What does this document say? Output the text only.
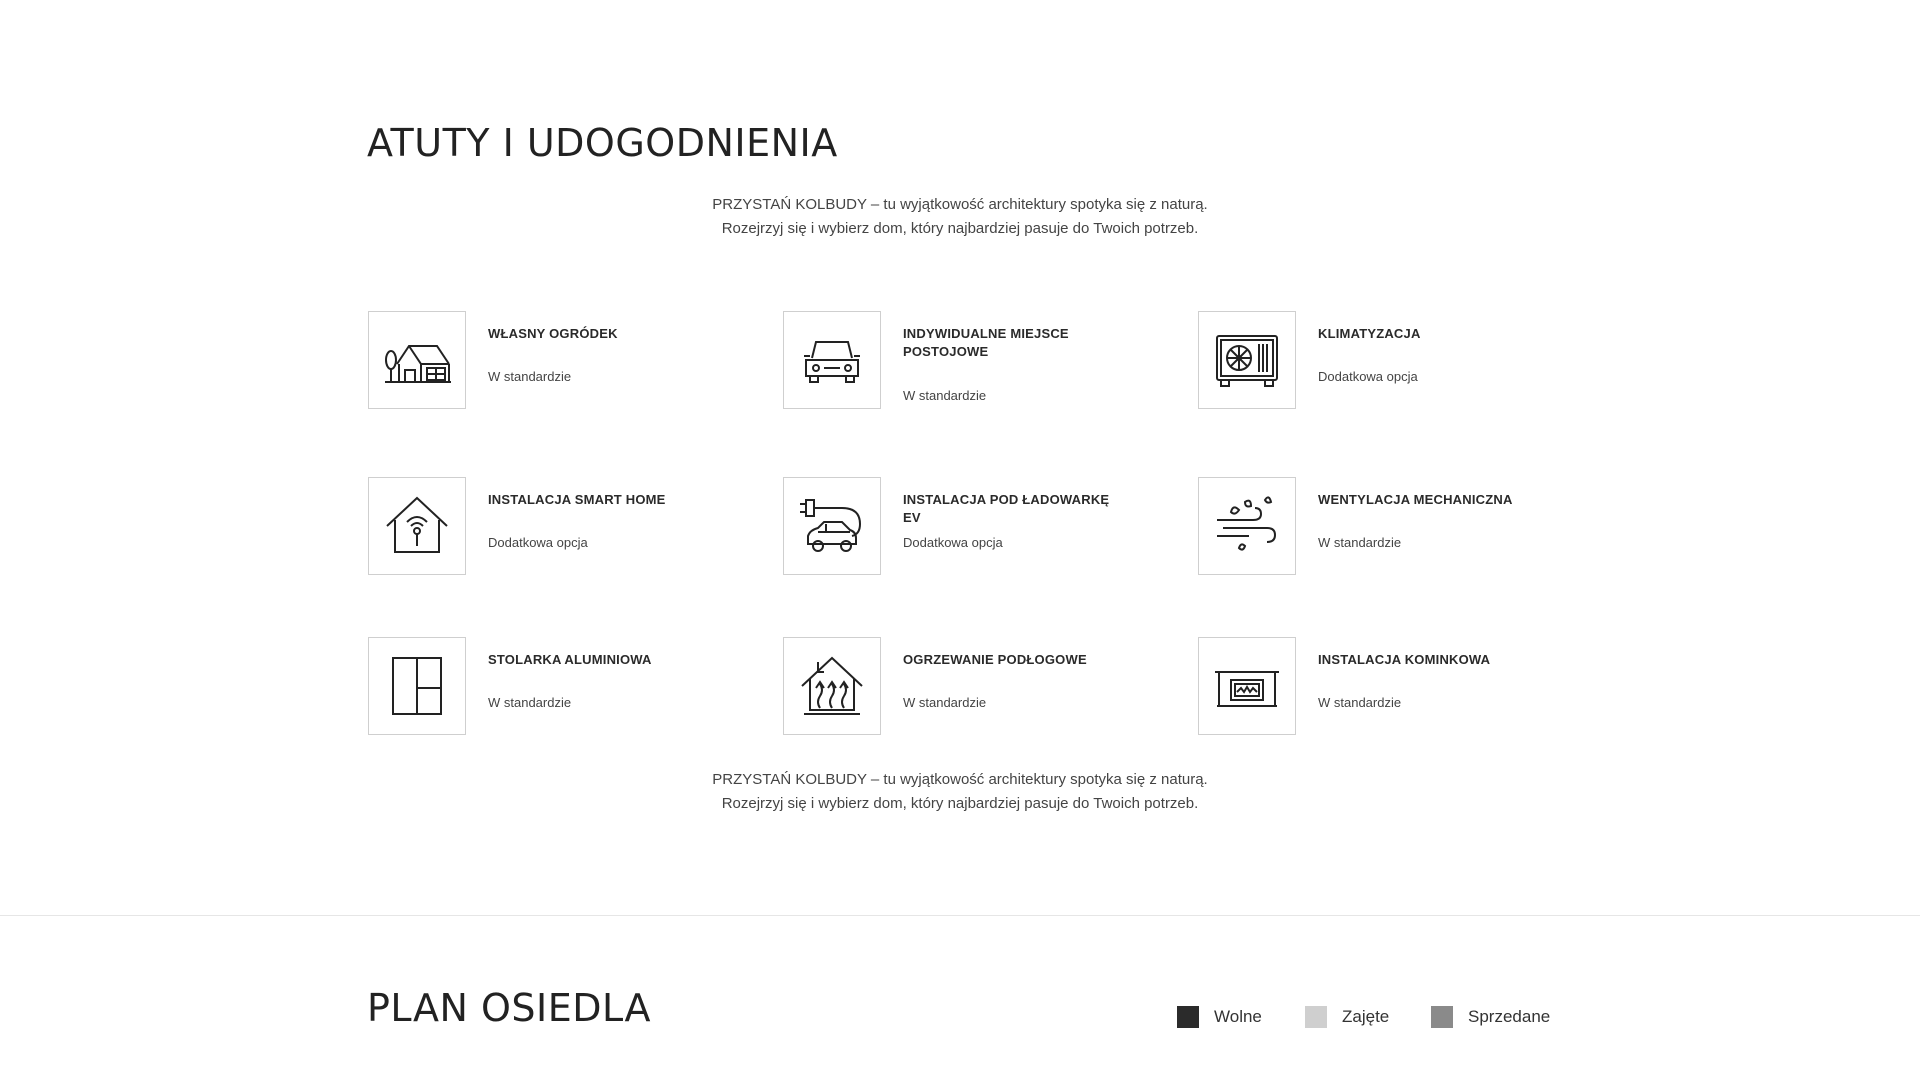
ATUTY I UDOGODNIENIA

PRZYSTAŃ KOLBUDY – tu wyjątkowość architektury spotyka się z naturą.

Rozejrzyj się i wybierz dom, który najbardziej pasuje do Twoich potrzeb.

WŁASNY OGRÓDEK
W standardzie
INDYWIDUALNE MIEJSCE POSTOJOWE
W standardzie
KLIMATYZACJA
Dodatkowa opcja
INSTALACJA SMART HOME
Dodatkowa opcja
INSTALACJA POD ŁADOWARKĘ EV
Dodatkowa opcja
WENTYLACJA MECHANICZNA
W standardzie
STOLARKA ALUMINIOWA
W standardzie
OGRZEWANIE PODŁOGOWE
W standardzie
INSTALACJA KOMINKOWA
W standardzie

PRZYSTAŃ KOLBUDY – tu wyjątkowość architektury spotyka się z naturą.

Rozejrzyj się i wybierz dom, który najbardziej pasuje do Twoich potrzeb.

PLAN OSIEDLA	Wolne	Zajęte	Sprzedane
